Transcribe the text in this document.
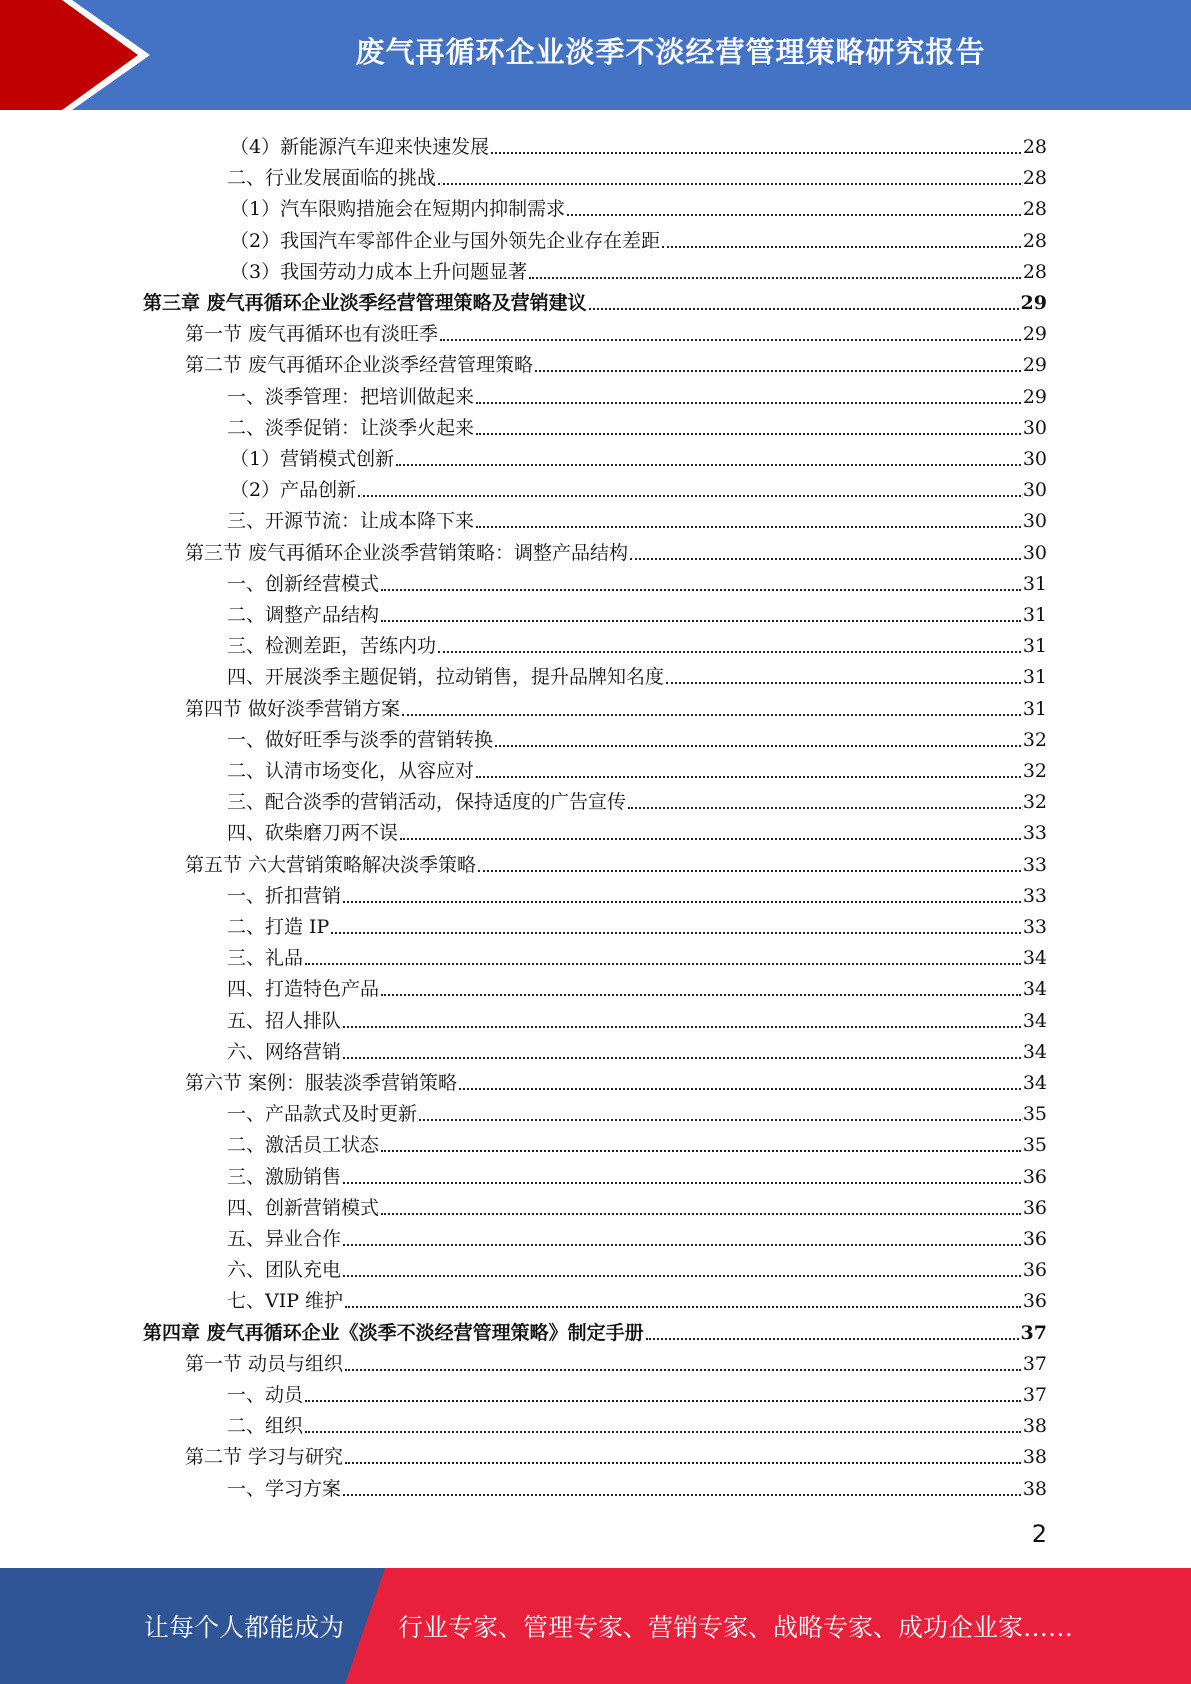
废气再循环企业淡季不淡经营管理策略研究报告
（4）新能源汽车迎来快速发展	28
二、行业发展面临的挑战	28
（1）汽车限购措施会在短期内抑制需求	28
（2）我国汽车零部件企业与国外领先企业存在差距	28
（3）我国劳动力成本上升问题显著	28
第三章 废气再循环企业淡季经营管理策略及营销建议	29
第一节 废气再循环也有淡旺季	29
第二节 废气再循环企业淡季经营管理策略	29
一、淡季管理：把培训做起来	29
二、淡季促销：让淡季火起来	30
（1）营销模式创新	30
（2）产品创新	30
三、开源节流：让成本降下来	30
第三节 废气再循环企业淡季营销策略：调整产品结构	30
一、创新经营模式	31
二、调整产品结构	31
三、检测差距，苦练内功	31
四、开展淡季主题促销，拉动销售，提升品牌知名度	31
第四节 做好淡季营销方案	31
一、做好旺季与淡季的营销转换	32
二、认清市场变化，从容应对	32
三、配合淡季的营销活动，保持适度的广告宣传	32
四、砍柴磨刀两不误	33
第五节 六大营销策略解决淡季策略	33
一、折扣营销	33
二、打造 IP	33
三、礼品	34
四、打造特色产品	34
五、招人排队	34
六、网络营销	34
第六节 案例：服装淡季营销策略	34
一、产品款式及时更新	35
二、激活员工状态	35
三、激励销售	36
四、创新营销模式	36
五、异业合作	36
六、团队充电	36
七、VIP 维护	36
第四章 废气再循环企业《淡季不淡经营管理策略》制定手册	37
第一节 动员与组织	37
一、动员	37
二、组织	38
第二节 学习与研究	38
一、学习方案	38
2
让每个人都能成为 行业专家、管理专家、营销专家、战略专家、成功企业家……
